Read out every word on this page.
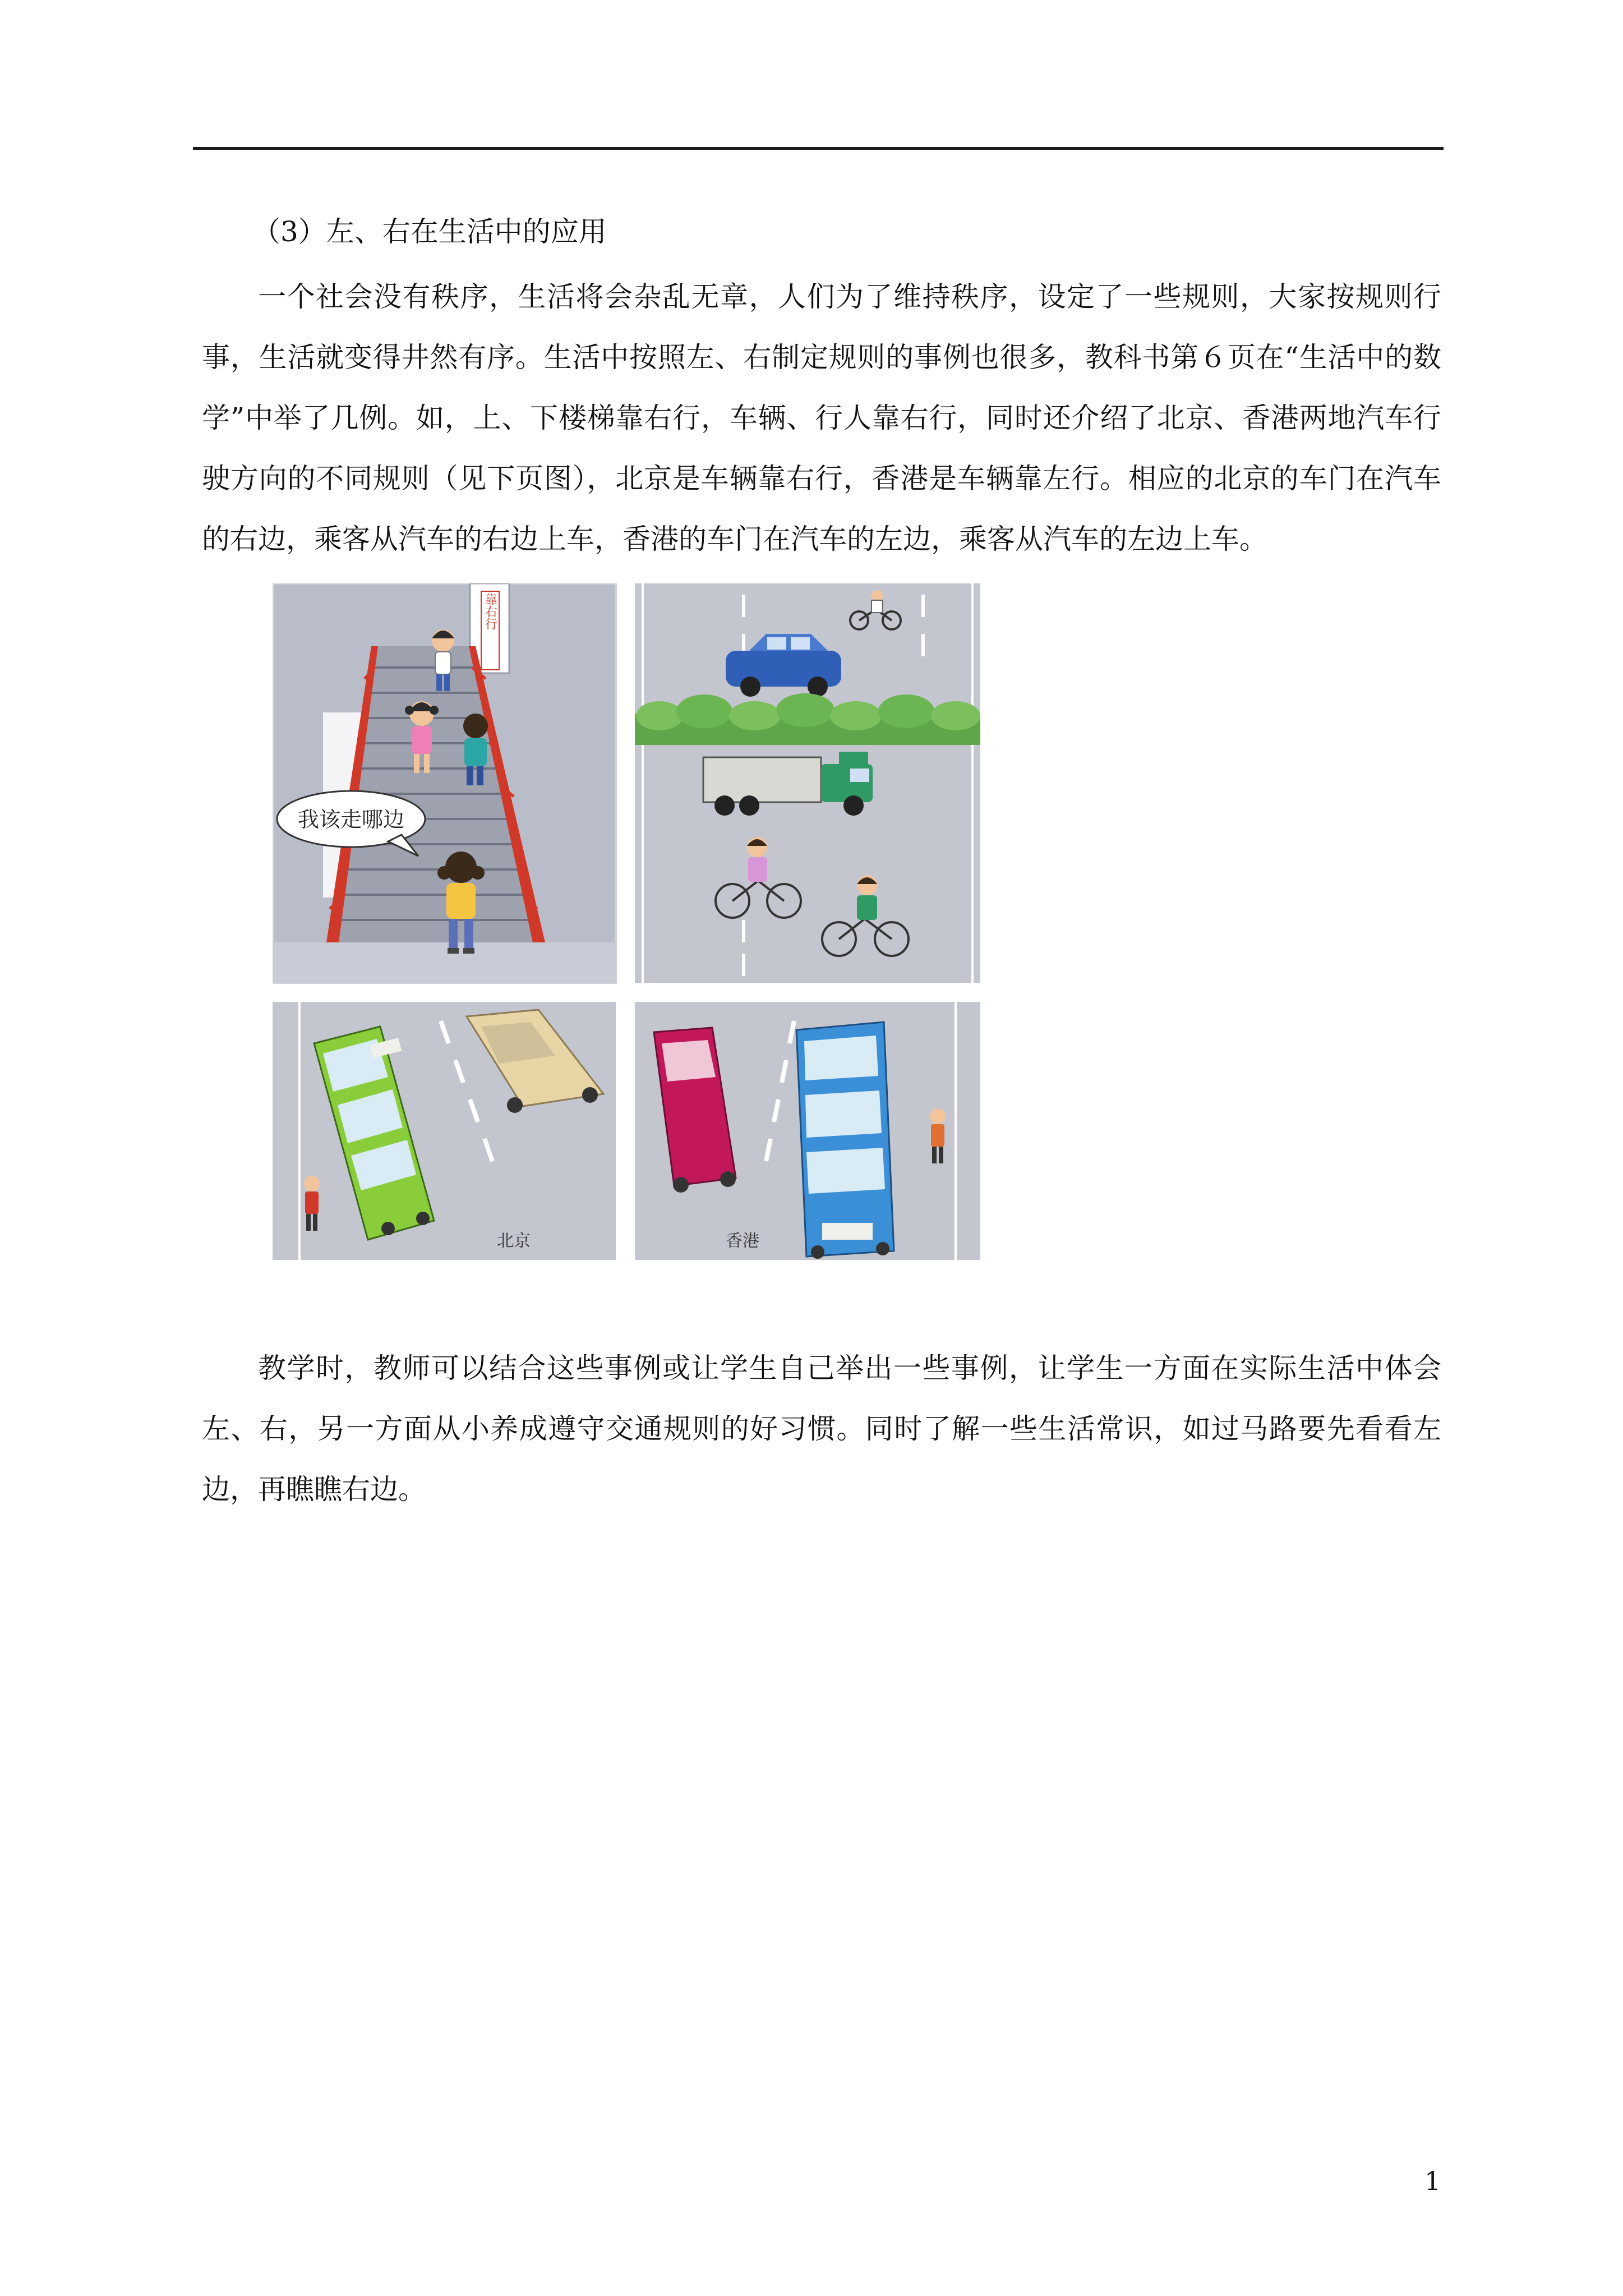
（3）左、右在生活中的应用

一个社会没有秩序，生活将会杂乱无章，人们为了维持秩序，设定了一些规则，大家按规则行事，生活就变得井然有序。生活中按照左、右制定规则的事例也很多，教科书第６页在“生活中的数学”中举了几例。如，上、下楼梯靠右行，车辆、行人靠右行，同时还介绍了北京、香港两地汽车行驶方向的不同规则（见下页图），北京是车辆靠右行，香港是车辆靠左行。相应的北京的车门在汽车的右边，乘客从汽车的右边上车，香港的车门在汽车的左边，乘客从汽车的左边上车。

靠右行
我该走哪边
北京	香港

教学时，教师可以结合这些事例或让学生自己举出一些事例，让学生一方面在实际生活中体会左、右，另一方面从小养成遵守交通规则的好习惯。同时了解一些生活常识，如过马路要先看看左边，再瞧瞧右边。

1
